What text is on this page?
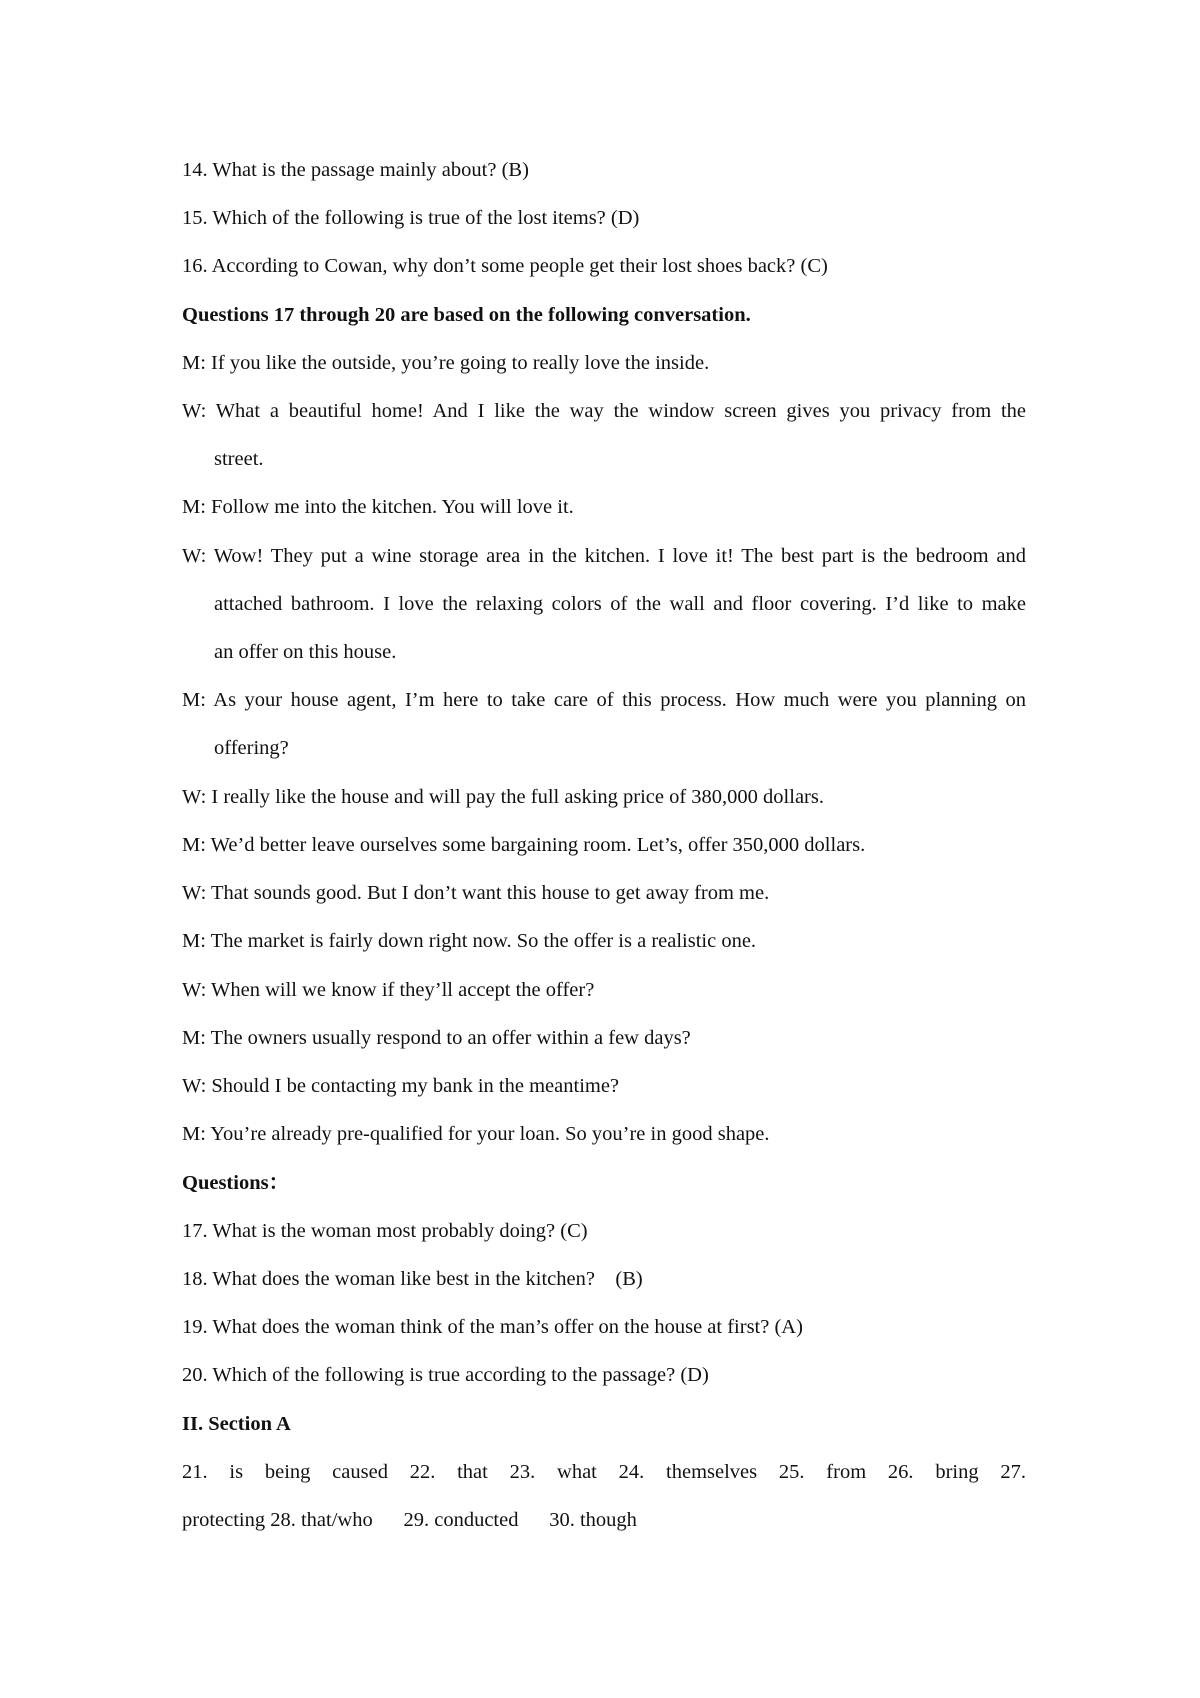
14. What is the passage mainly about? (B)
15. Which of the following is true of the lost items? (D)
16. According to Cowan, why don’t some people get their lost shoes back? (C)
Questions 17 through 20 are based on the following conversation.
M: If you like the outside, you’re going to really love the inside.
W: What a beautiful home! And I like the way the window screen gives you privacy from the
street.
M: Follow me into the kitchen. You will love it.
W: Wow! They put a wine storage area in the kitchen. I love it! The best part is the bedroom and
attached bathroom. I love the relaxing colors of the wall and floor covering. I’d like to make
an offer on this house.
M: As your house agent, I’m here to take care of this process. How much were you planning on
offering?
W: I really like the house and will pay the full asking price of 380,000 dollars.
M: We’d better leave ourselves some bargaining room. Let’s, offer 350,000 dollars.
W: That sounds good. But I don’t want this house to get away from me.
M: The market is fairly down right now. So the offer is a realistic one.
W: When will we know if they’ll accept the offer?
M: The owners usually respond to an offer within a few days?
W: Should I be contacting my bank in the meantime?
M: You’re already pre-qualified for your loan. So you’re in good shape.
Questions：
17. What is the woman most probably doing? (C)
18. What does the woman like best in the kitchen?    (B)
19. What does the woman think of the man’s offer on the house at first? (A)
20. Which of the following is true according to the passage? (D)
II. Section A
21. is being caused 22. that 23. what 24. themselves 25. from 26. bring 27.
protecting 28. that/who      29. conducted      30. though
